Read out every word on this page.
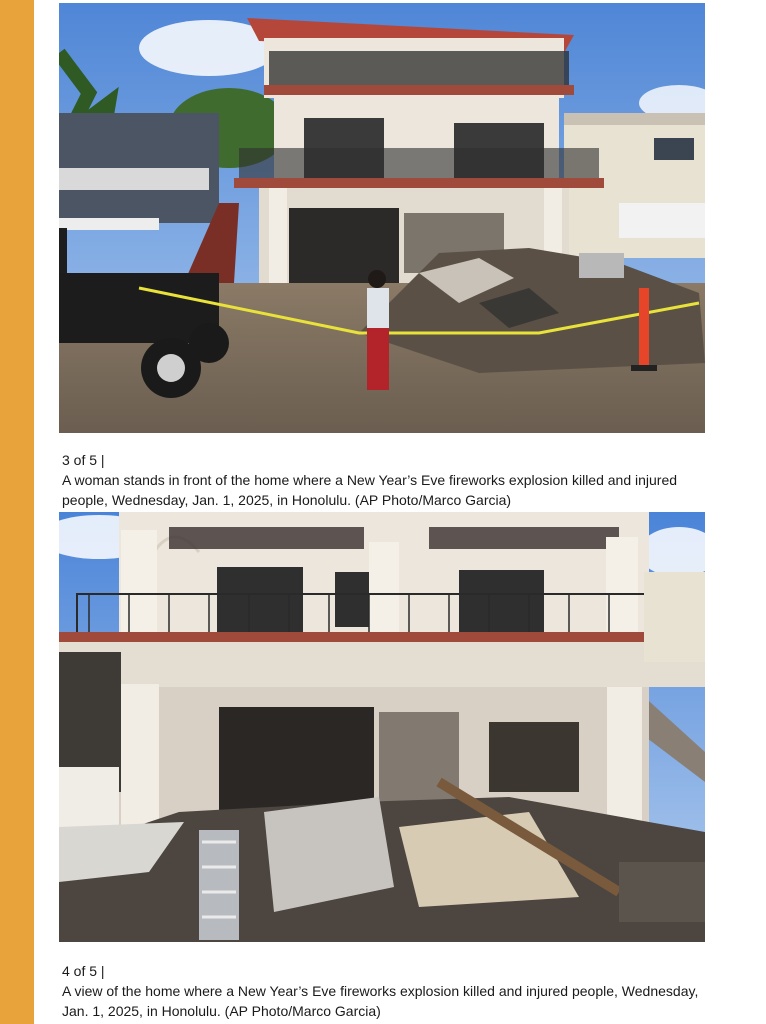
3 of 5 |
A woman stands in front of the home where a New Year’s Eve fireworks explosion killed and injured people, Wednesday, Jan. 1, 2025, in Honolulu. (AP Photo/Marco Garcia)
4 of 5 |
A view of the home where a New Year’s Eve fireworks explosion killed and injured people, Wednesday, Jan. 1, 2025, in Honolulu. (AP Photo/Marco Garcia)
